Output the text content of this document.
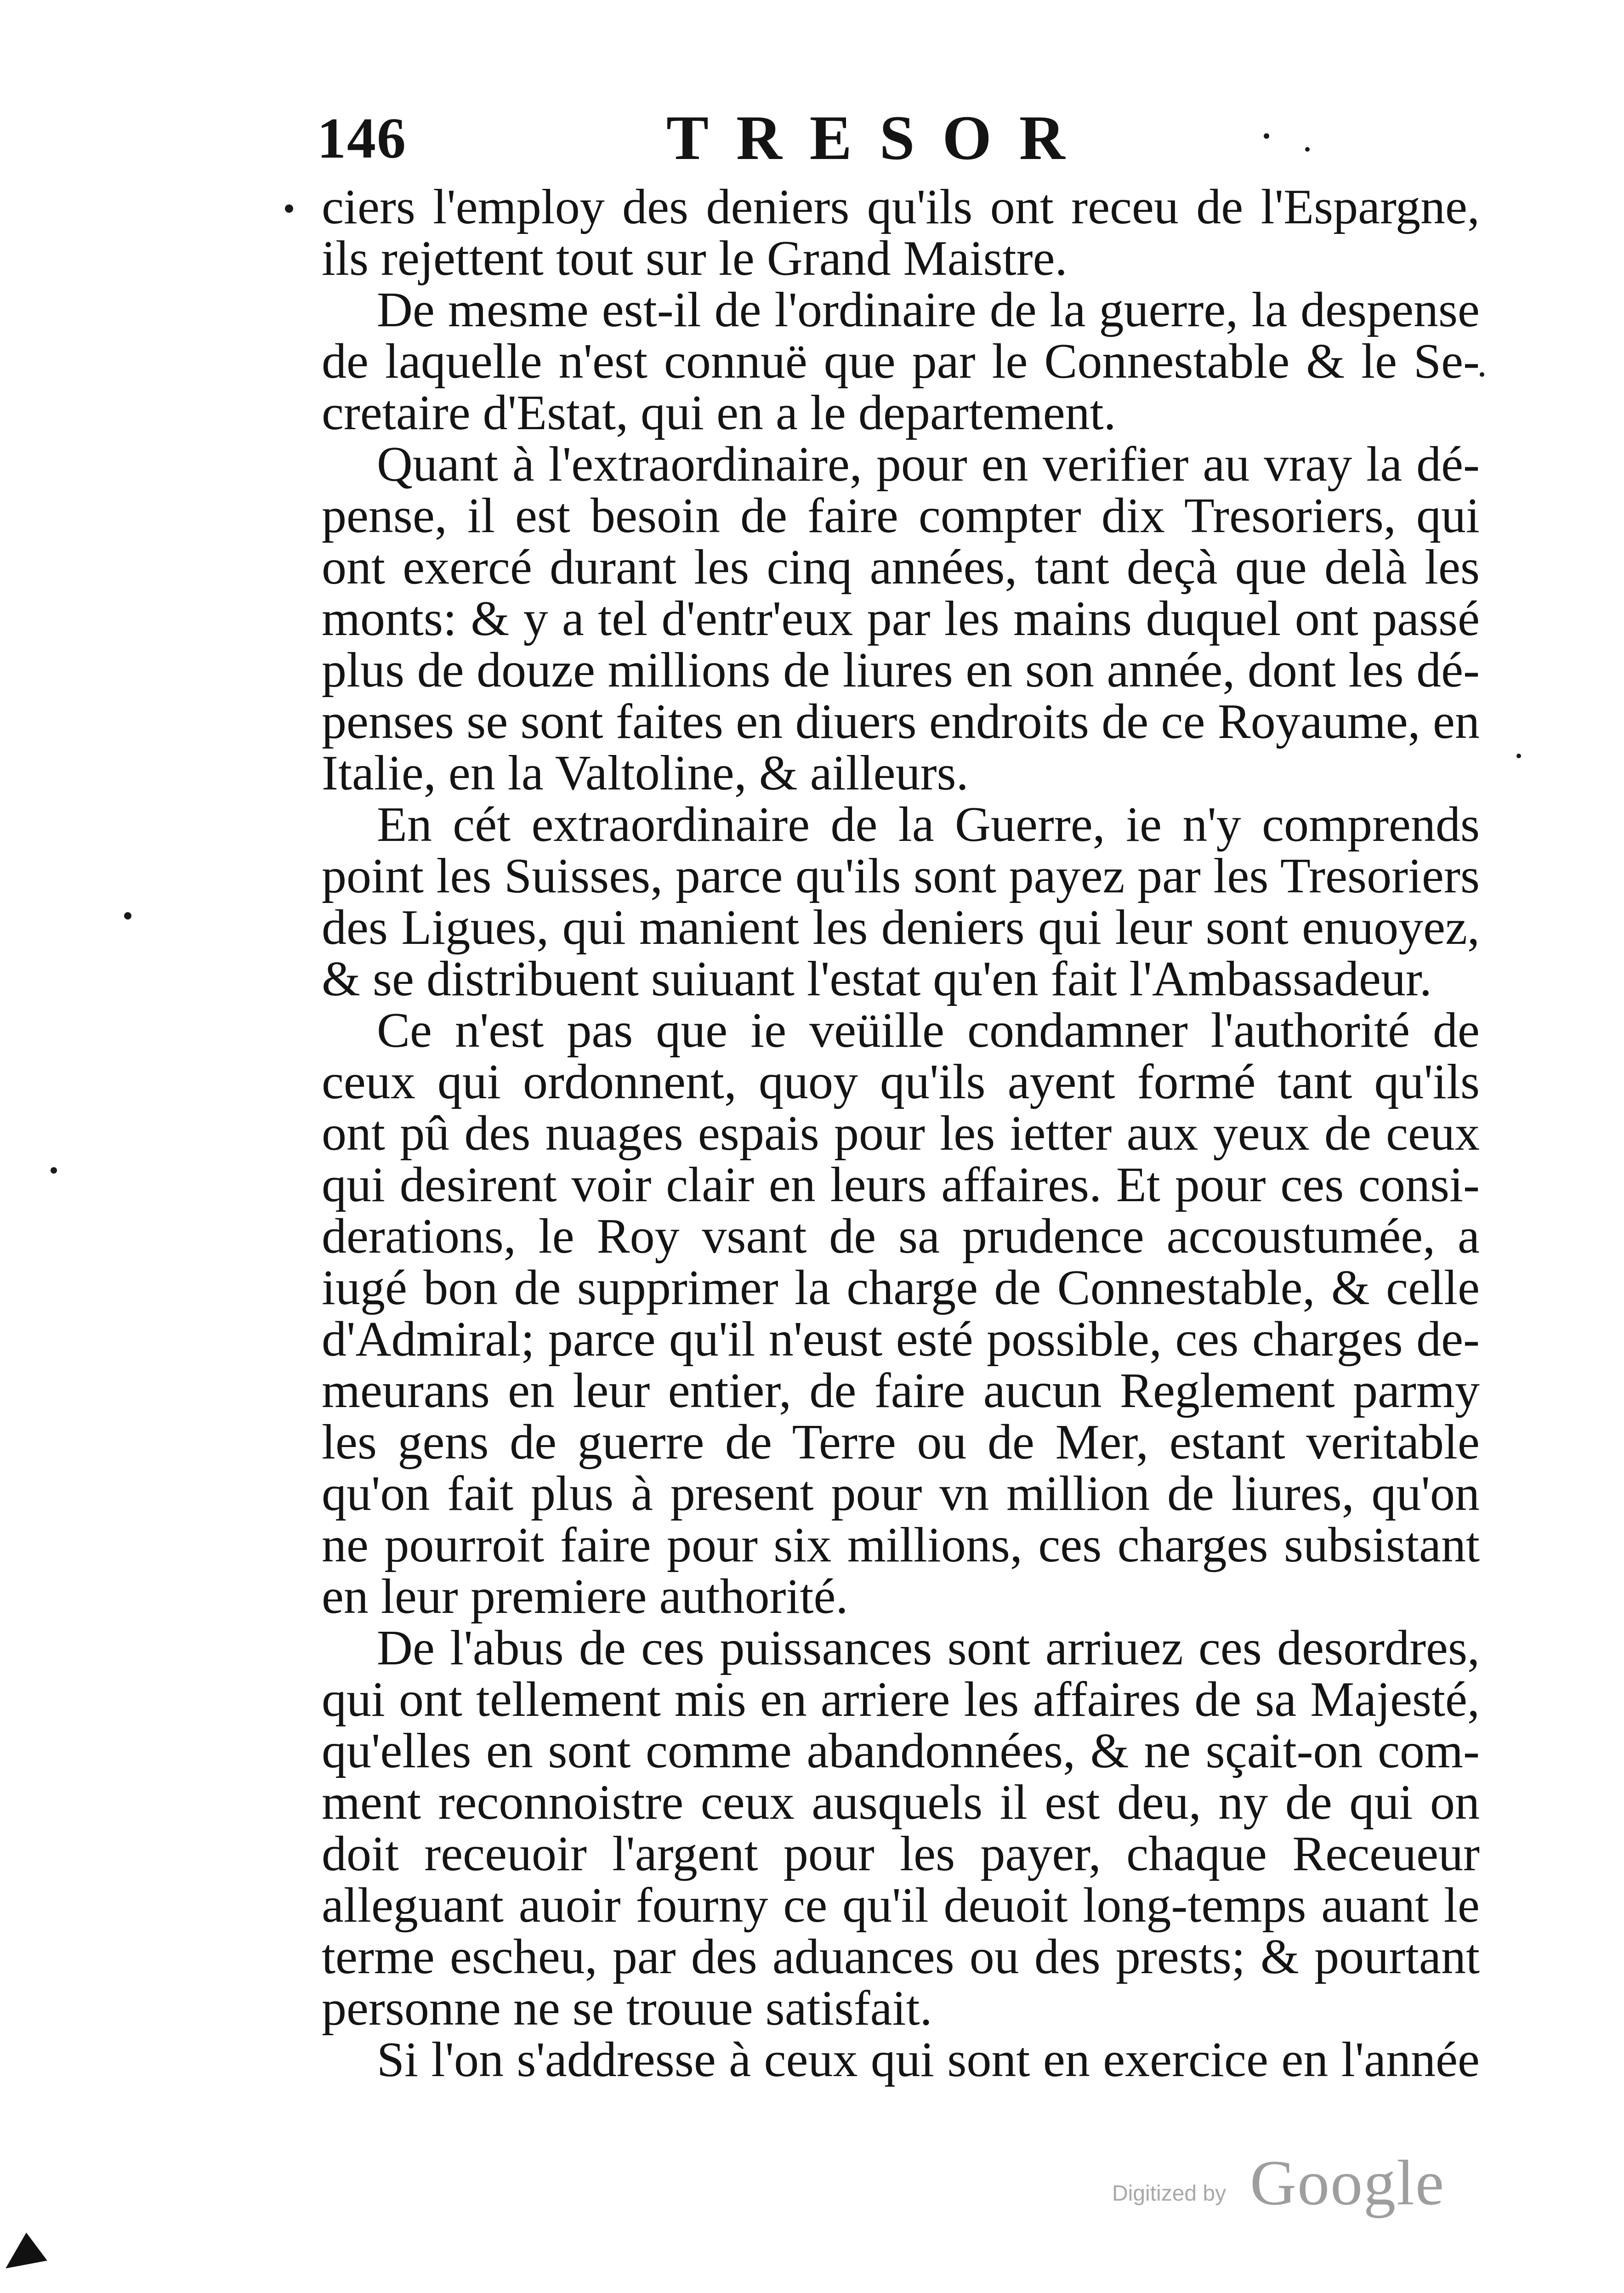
146	TRESOR
ciers l'employ des deniers qu'ils ont receu de l'Espargne,
ils rejettent tout sur le Grand Maistre.
De mesme est-il de l'ordinaire de la guerre, la despense
de laquelle n'est connuë que par le Connestable & le Se-
cretaire d'Estat, qui en a le departement.
Quant à l'extraordinaire, pour en verifier au vray la dé-
pense, il est besoin de faire compter dix Tresoriers, qui
ont exercé durant les cinq années, tant deçà que delà les
monts: & y a tel d'entr'eux par les mains duquel ont passé
plus de douze millions de liures en son année, dont les dé-
penses se sont faites en diuers endroits de ce Royaume, en
Italie, en la Valtoline, & ailleurs.
En cét extraordinaire de la Guerre, ie n'y comprends
point les Suisses, parce qu'ils sont payez par les Tresoriers
des Ligues, qui manient les deniers qui leur sont enuoyez,
& se distribuent suiuant l'estat qu'en fait l'Ambassadeur.
Ce n'est pas que ie veüille condamner l'authorité de
ceux qui ordonnent, quoy qu'ils ayent formé tant qu'ils
ont pû des nuages espais pour les ietter aux yeux de ceux
qui desirent voir clair en leurs affaires. Et pour ces consi-
derations, le Roy vsant de sa prudence accoustumée, a
iugé bon de supprimer la charge de Connestable, & celle
d'Admiral; parce qu'il n'eust esté possible, ces charges de-
meurans en leur entier, de faire aucun Reglement parmy
les gens de guerre de Terre ou de Mer, estant veritable
qu'on fait plus à present pour vn million de liures, qu'on
ne pourroit faire pour six millions, ces charges subsistant
en leur premiere authorité.
De l'abus de ces puissances sont arriuez ces desordres,
qui ont tellement mis en arriere les affaires de sa Majesté,
qu'elles en sont comme abandonnées, & ne sçait-on com-
ment reconnoistre ceux ausquels il est deu, ny de qui on
doit receuoir l'argent pour les payer, chaque Receueur
alleguant auoir fourny ce qu'il deuoit long-temps auant le
terme escheu, par des aduances ou des prests; & pourtant
personne ne se trouue satisfait.
Si l'on s'addresse à ceux qui sont en exercice en l'année
Digitized by Google
